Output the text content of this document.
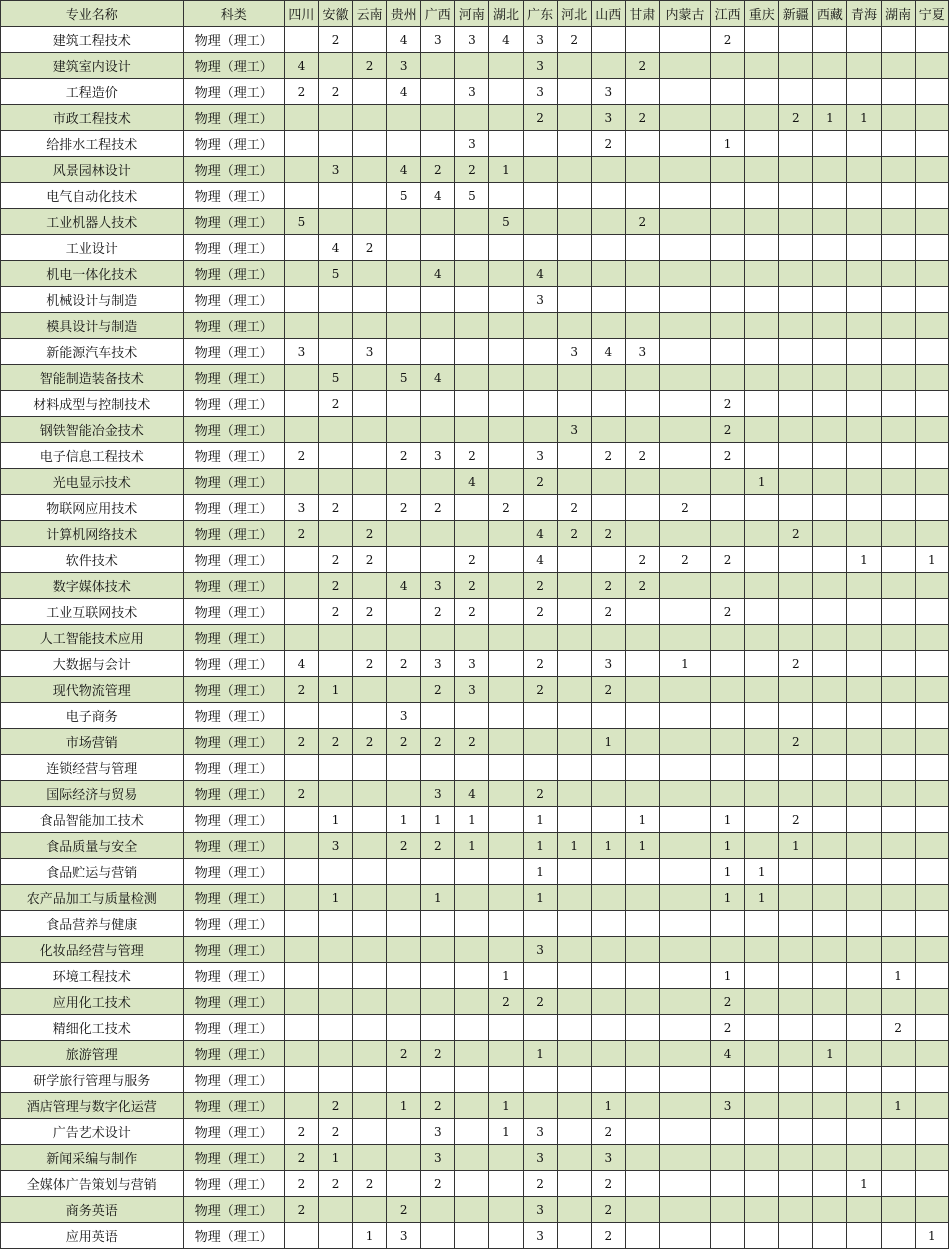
专业名称	科类	四川	安徽	云南	贵州	广西	河南	湖北	广东	河北	山西	甘肃	内蒙古	江西	重庆	新疆	西藏	青海	湖南	宁夏
建筑工程技术	物理（理工）		2		4	3	3	4	3	2				2						
建筑室内设计	物理（理工）	4		2	3				3			2								
工程造价	物理（理工）	2	2		4		3		3		3									
市政工程技术	物理（理工）								2		3	2				2	1	1		
给排水工程技术	物理（理工）						3				2			1						
风景园林设计	物理（理工）		3		4	2	2	1												
电气自动化技术	物理（理工）				5	4	5													
工业机器人技术	物理（理工）	5						5				2								
工业设计	物理（理工）		4	2																
机电一体化技术	物理（理工）		5			4			4											
机械设计与制造	物理（理工）								3											
模具设计与制造	物理（理工）																			
新能源汽车技术	物理（理工）	3		3						3	4	3								
智能制造装备技术	物理（理工）		5		5	4														
材料成型与控制技术	物理（理工）		2											2						
钢铁智能冶金技术	物理（理工）									3				2						
电子信息工程技术	物理（理工）	2			2	3	2		3		2	2		2						
光电显示技术	物理（理工）						4		2						1					
物联网应用技术	物理（理工）	3	2		2	2		2		2			2							
计算机网络技术	物理（理工）	2		2					4	2	2					2				
软件技术	物理（理工）		2	2			2		4			2	2	2				1		1
数字媒体技术	物理（理工）		2		4	3	2		2		2	2								
工业互联网技术	物理（理工）		2	2		2	2		2		2			2						
人工智能技术应用	物理（理工）																			
大数据与会计	物理（理工）	4		2	2	3	3		2		3		1			2				
现代物流管理	物理（理工）	2	1			2	3		2		2									
电子商务	物理（理工）				3															
市场营销	物理（理工）	2	2	2	2	2	2				1					2				
连锁经营与管理	物理（理工）																			
国际经济与贸易	物理（理工）	2				3	4		2											
食品智能加工技术	物理（理工）		1		1	1	1		1			1		1		2				
食品质量与安全	物理（理工）		3		2	2	1		1	1	1	1		1		1				
食品贮运与营销	物理（理工）								1					1	1					
农产品加工与质量检测	物理（理工）		1			1			1					1	1					
食品营养与健康	物理（理工）																			
化妆品经营与管理	物理（理工）								3											
环境工程技术	物理（理工）							1						1					1	
应用化工技术	物理（理工）							2	2					2						
精细化工技术	物理（理工）													2					2	
旅游管理	物理（理工）				2	2			1					4			1			
研学旅行管理与服务	物理（理工）																			
酒店管理与数字化运营	物理（理工）		2		1	2		1			1			3					1	
广告艺术设计	物理（理工）	2	2			3		1	3		2									
新闻采编与制作	物理（理工）	2	1			3			3		3									
全媒体广告策划与营销	物理（理工）	2	2	2		2			2		2							1		
商务英语	物理（理工）	2			2				3		2									
应用英语	物理（理工）			1	3				3		2									1
